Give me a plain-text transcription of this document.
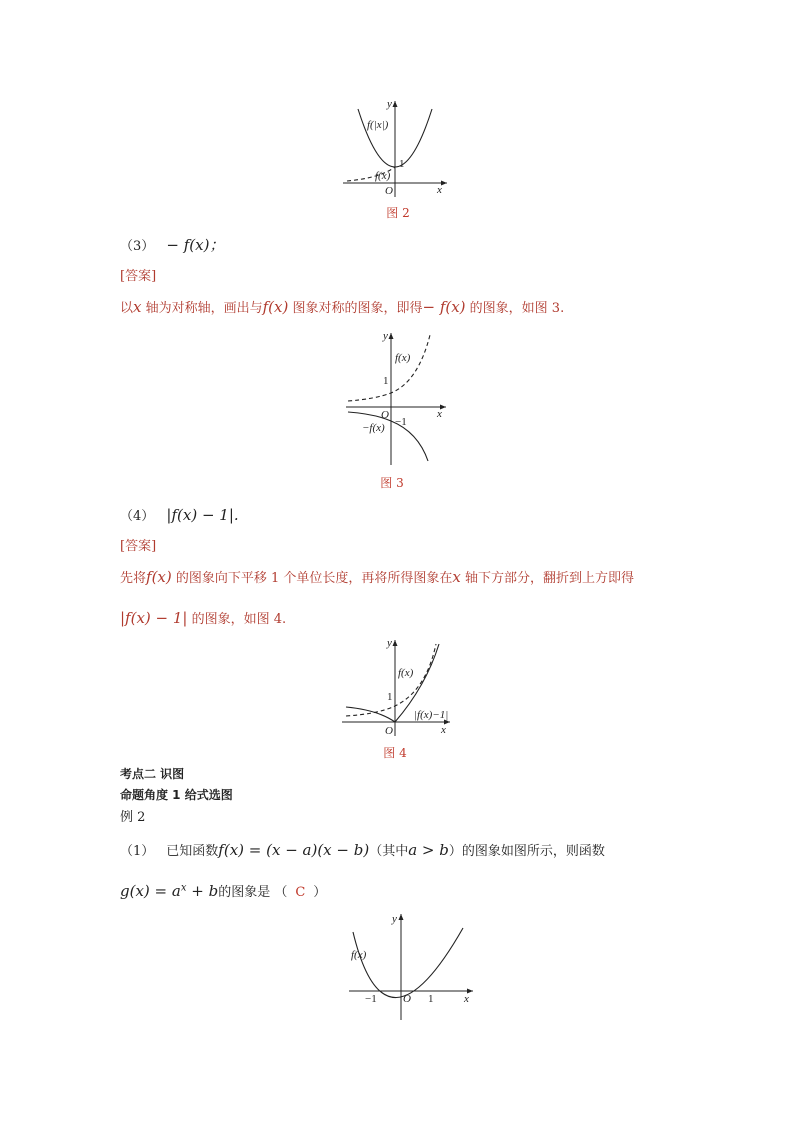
y
x
O
1
f(|x|)
f(x)
图 2
（3） − f(x)；
[答案]
以x 轴为对称轴，画出与f(x) 图象对称的图象，即得− f(x) 的图象，如图 3.
y
x
O
1
−1
f(x)
−f(x)
图 3
（4） |f(x) − 1|.
[答案]
先将f(x) 的图象向下平移 1 个单位长度，再将所得图象在x 轴下方部分，翻折到上方即得
|f(x) − 1| 的图象，如图 4.
y
x
O
1
f(x)
|f(x)−1|
图 4
考点二 识图
命题角度 1 给式选图
例 2
（1） 已知函数f(x) = (x − a)(x − b)（其中a > b）的图象如图所示，则函数
$g(x) = a^x + b$的图象是 （ C ）
y
x
O 1
−1
f(x)
